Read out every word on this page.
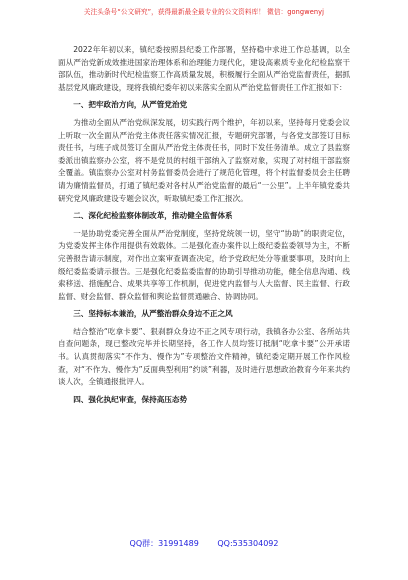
关注头条号“公文研究”，获得最新最全最专业的公文资料库！ 微信：gongwenyj

2022年年初以来，镇纪委按照县纪委工作部署，坚持稳中求进工作总基调，以全面从严治党新成效推进国家治理体系和治理能力现代化，建设高素质专业化纪检监察干部队伍，推动新时代纪检监察工作高质量发展，积极履行全面从严治党监督责任，据抓基层党风廉政建设，现将我镇纪委年初以来落实全面从严治党监督责任工作汇报如下：

一、把牢政治方向，从严管党治党

为推动全面从严治党纵深发展，切实践行两个维护，年初以来，坚持每月党委会议上听取一次全面从严治党主体责任落实情况汇报，专题研究部署，与各党支部签订目标责任书，与班子成员签订全面从严治党主体责任书，同时下发任务清单。成立了县监察委派出镇监察办公室，将不是党员的村组干部纳入了监察对象，实现了对村组干部监察全覆盖。镇监察办公室对村务监督委员会进行了规范化管理，将个村监督委员会主任聘请为廉情监督员，打通了镇纪委对各村从严治党监督的最后“一公里”。上半年镇党委共研究党风廉政建设专题会议次，听取镇纪委工作汇报次。

二、深化纪检监察体制改革，推动健全监督体系

一是协助党委完善全面从严治党制度，坚持党统领一切，坚守“协助”的职责定位，为党委发挥主体作用提供有效载体。二是强化查办案件以上级纪委监委领导为主，不断完善报告请示制度，对作出立案审查调查决定，给予党政纪处分等重要事项，及时向上级纪委监委请示报告。三是强化纪委监委监督的协助引导推动功能，健全信息沟通、线索移送、措施配合、成果共享等工作机制，促进党内监督与人大监督、民主监督、行政监督、财会监督、群众监督和舆论监督贯通融合、协调协同。

三、坚持标本兼治，从严整治群众身边不正之风

结合整治“吃拿卡要”、狠刹群众身边不正之风专项行动，我镇各办公室、各所站共自查问题条，现已整改完毕并长期坚持，各工作人员均签订抵制“吃拿卡要”公开承诺书。认真贯彻落实“不作为、慢作为”专项整治文件精神，镇纪委定期开展工作作风检查，对“不作为、慢作为”反面典型利用“约谈”利器，及时进行思想政治教育今年来共约谈人次，全镇通报批评人。

四、强化执纪审查，保持高压态势
QQ群：31991489 QQ:535304092
